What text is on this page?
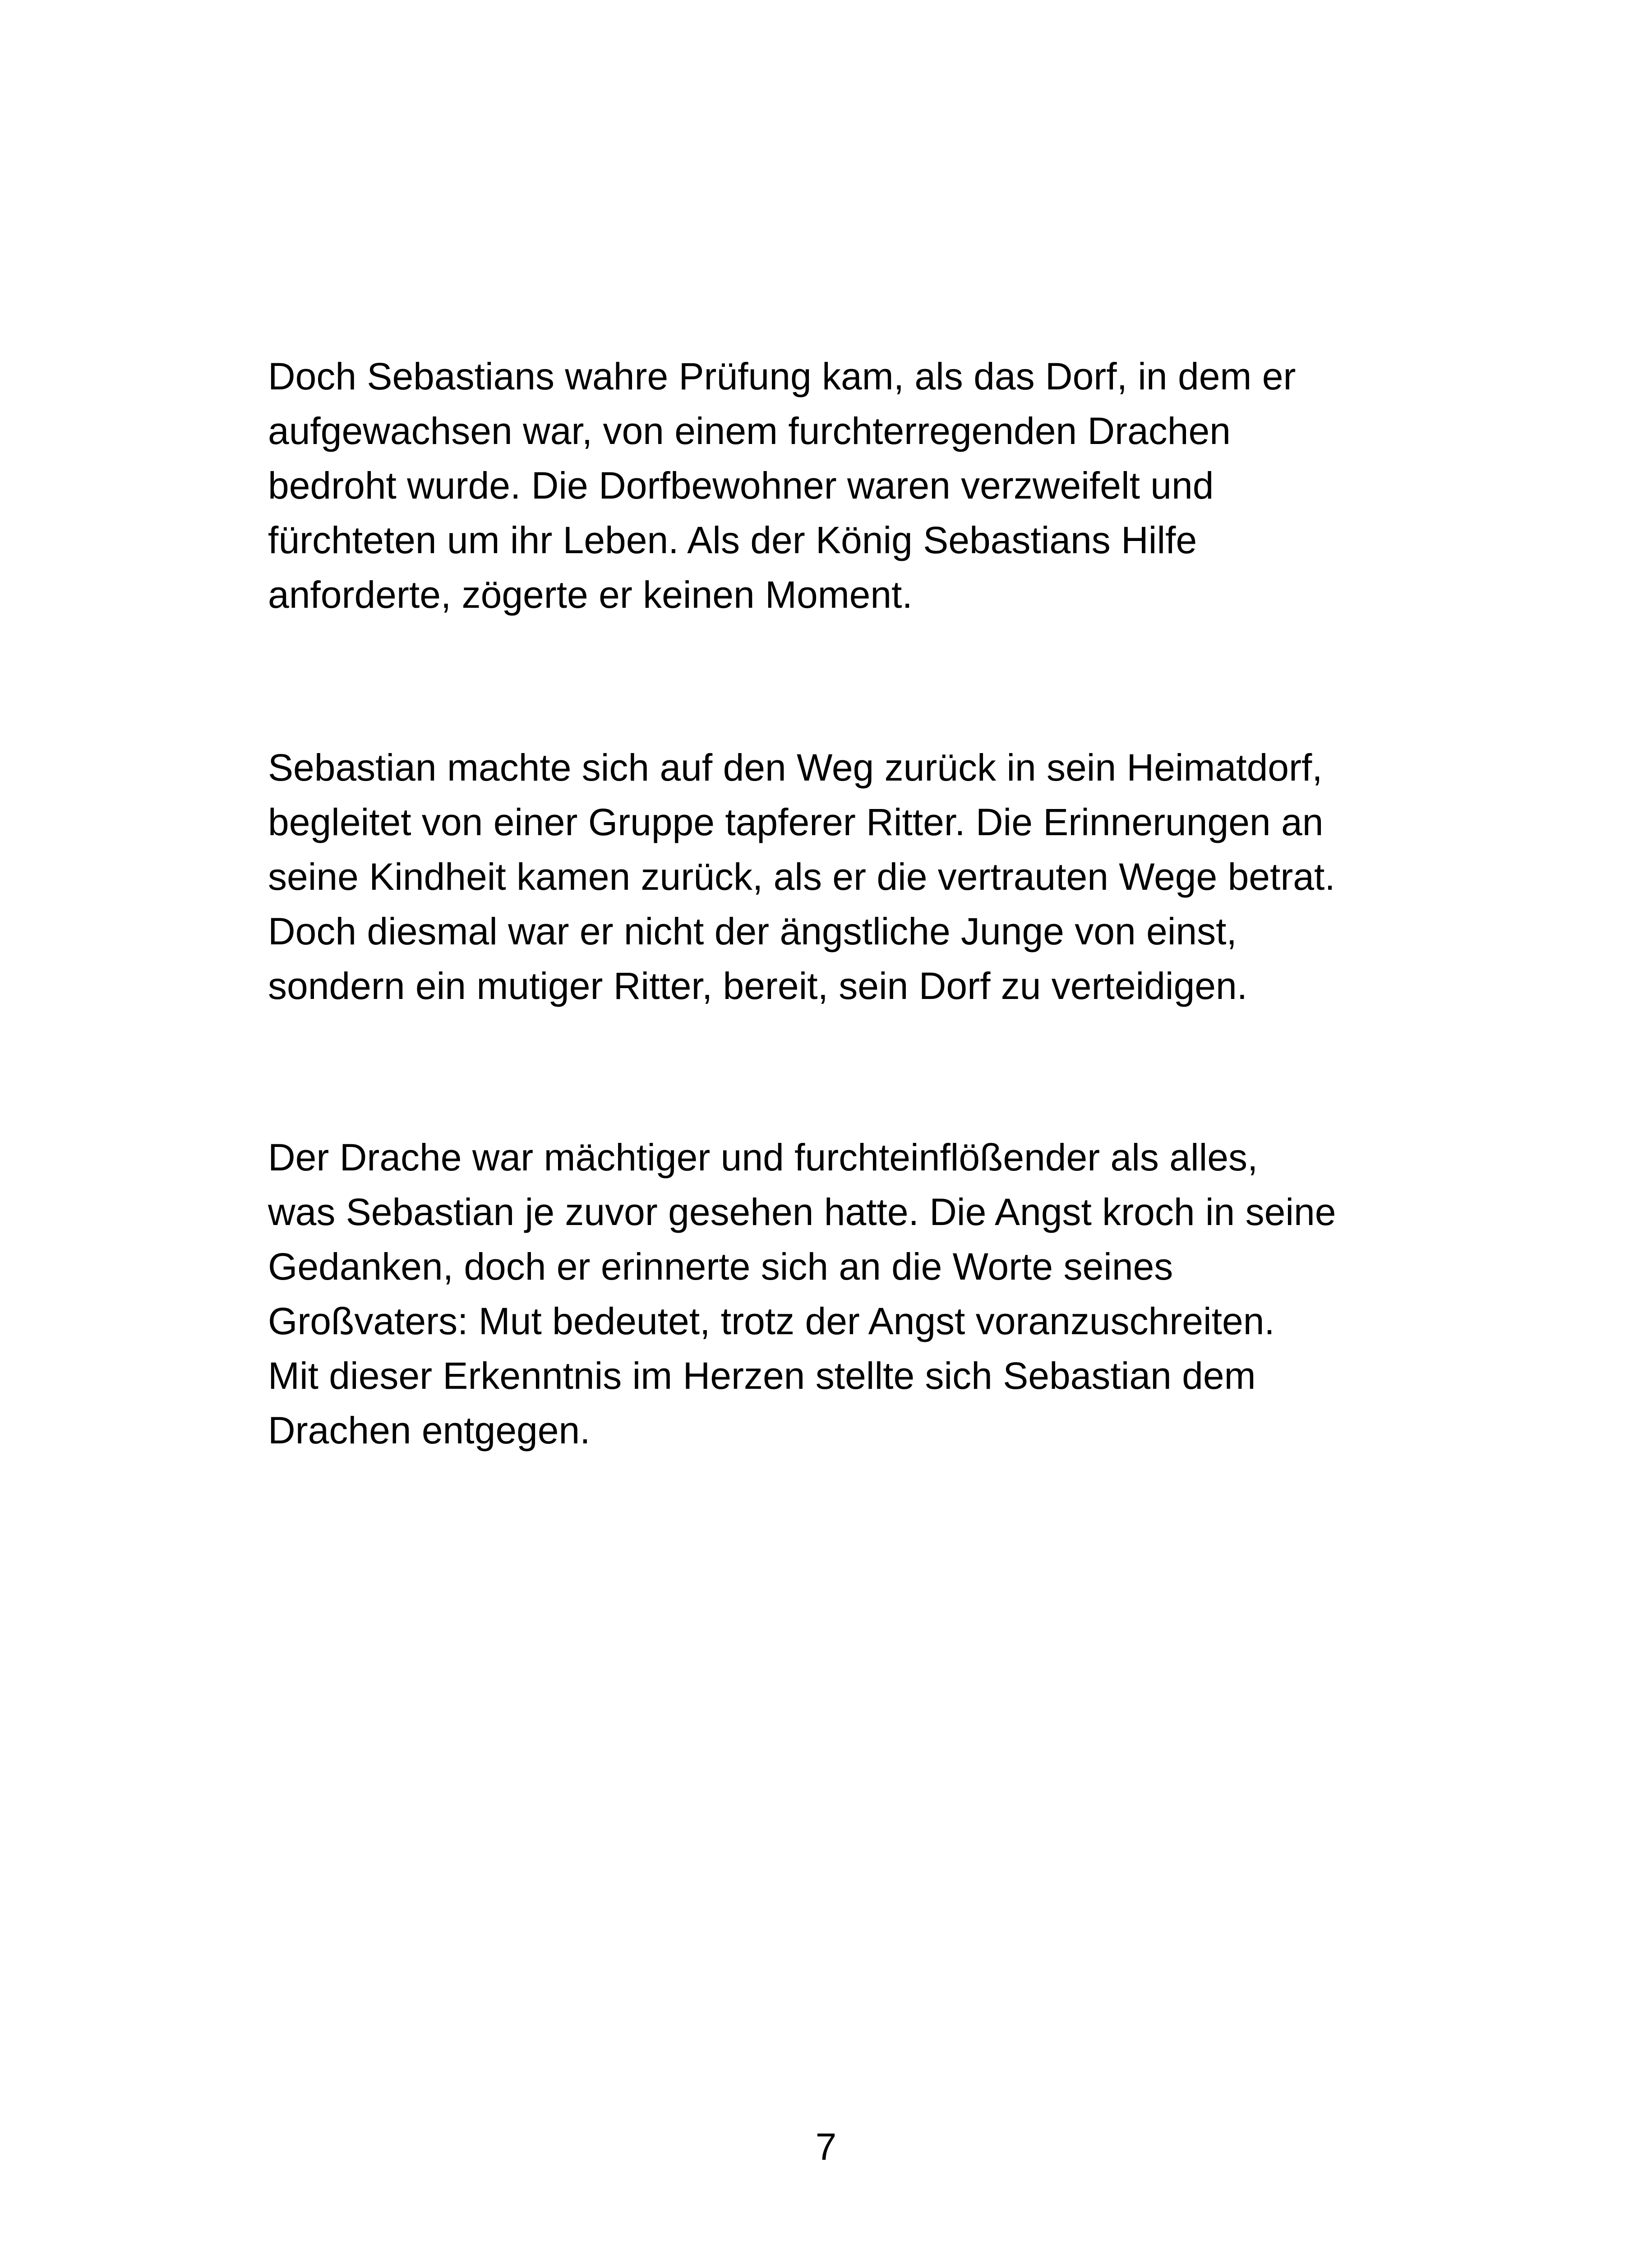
Doch Sebastians wahre Prüfung kam, als das Dorf, in dem er
aufgewachsen war, von einem furchterregenden Drachen
bedroht wurde. Die Dorfbewohner waren verzweifelt und
fürchteten um ihr Leben. Als der König Sebastians Hilfe
anforderte, zögerte er keinen Moment.

Sebastian machte sich auf den Weg zurück in sein Heimatdorf,
begleitet von einer Gruppe tapferer Ritter. Die Erinnerungen an
seine Kindheit kamen zurück, als er die vertrauten Wege betrat.
Doch diesmal war er nicht der ängstliche Junge von einst,
sondern ein mutiger Ritter, bereit, sein Dorf zu verteidigen.

Der Drache war mächtiger und furchteinflößender als alles,
was Sebastian je zuvor gesehen hatte. Die Angst kroch in seine
Gedanken, doch er erinnerte sich an die Worte seines
Großvaters: Mut bedeutet, trotz der Angst voranzuschreiten.
Mit dieser Erkenntnis im Herzen stellte sich Sebastian dem
Drachen entgegen.

7
